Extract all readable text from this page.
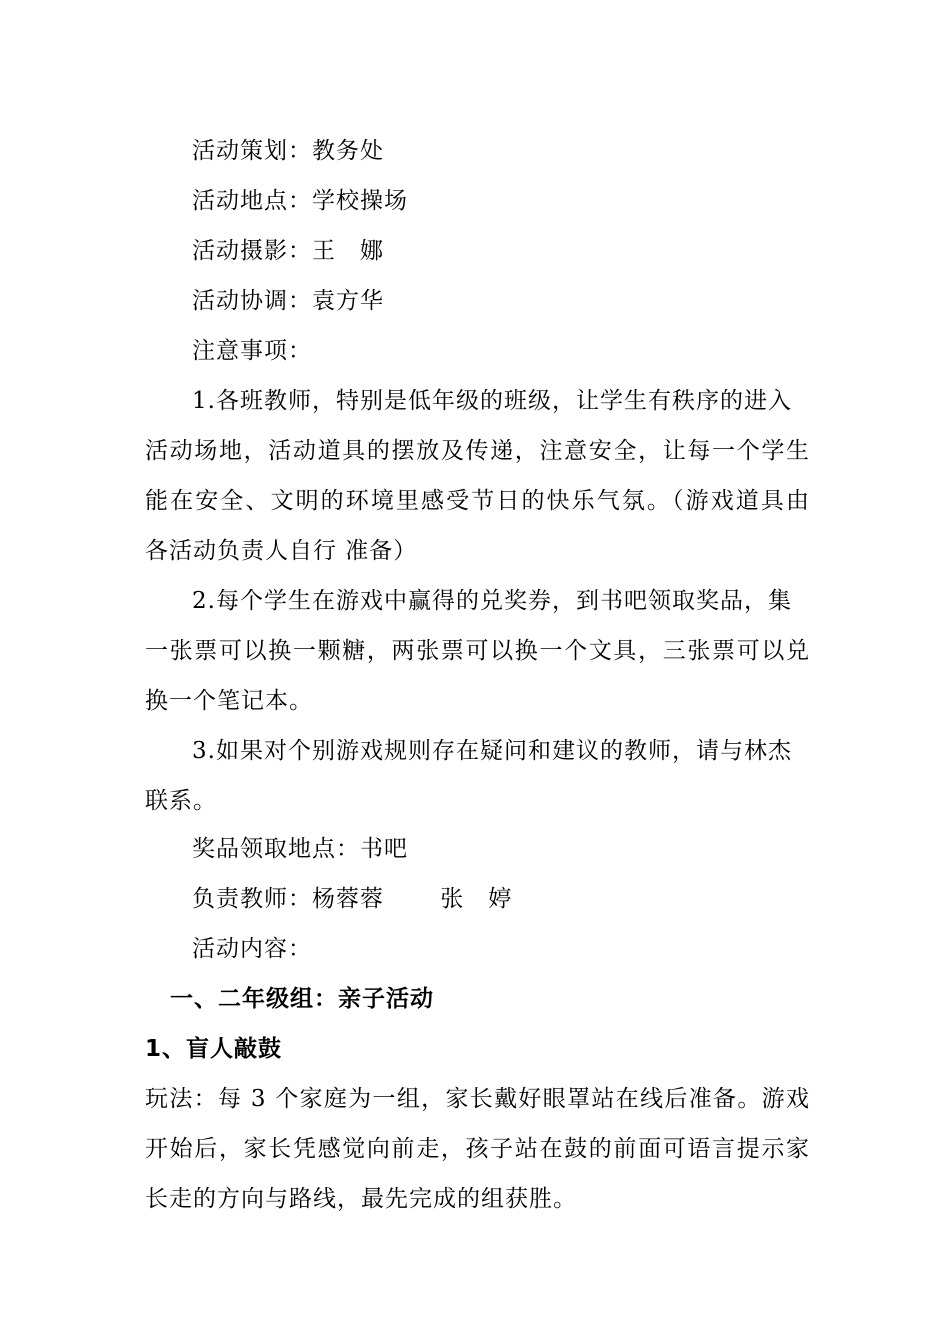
活动策划：教务处
活动地点：学校操场
活动摄影：王　娜
活动协调：袁方华
注意事项：
1.各班教师，特别是低年级的班级，让学生有秩序的进入
活动场地，活动道具的摆放及传递，注意安全，让每一个学生
能在安全、文明的环境里感受节日的快乐气氛。（游戏道具由
各活动负责人自行 准备）
2.每个学生在游戏中赢得的兑奖券，到书吧领取奖品，集
一张票可以换一颗糖，两张票可以换一个文具，三张票可以兑
换一个笔记本。
3.如果对个别游戏规则存在疑问和建议的教师，请与林杰
联系。
奖品领取地点：书吧
负责教师：杨蓉蓉　　 张　婷
活动内容：
一、二年级组：亲子活动
1、盲人敲鼓
玩法：每 3 个家庭为一组，家长戴好眼罩站在线后准备。游戏
开始后，家长凭感觉向前走，孩子站在鼓的前面可语言提示家
长走的方向与路线，最先完成的组获胜。
